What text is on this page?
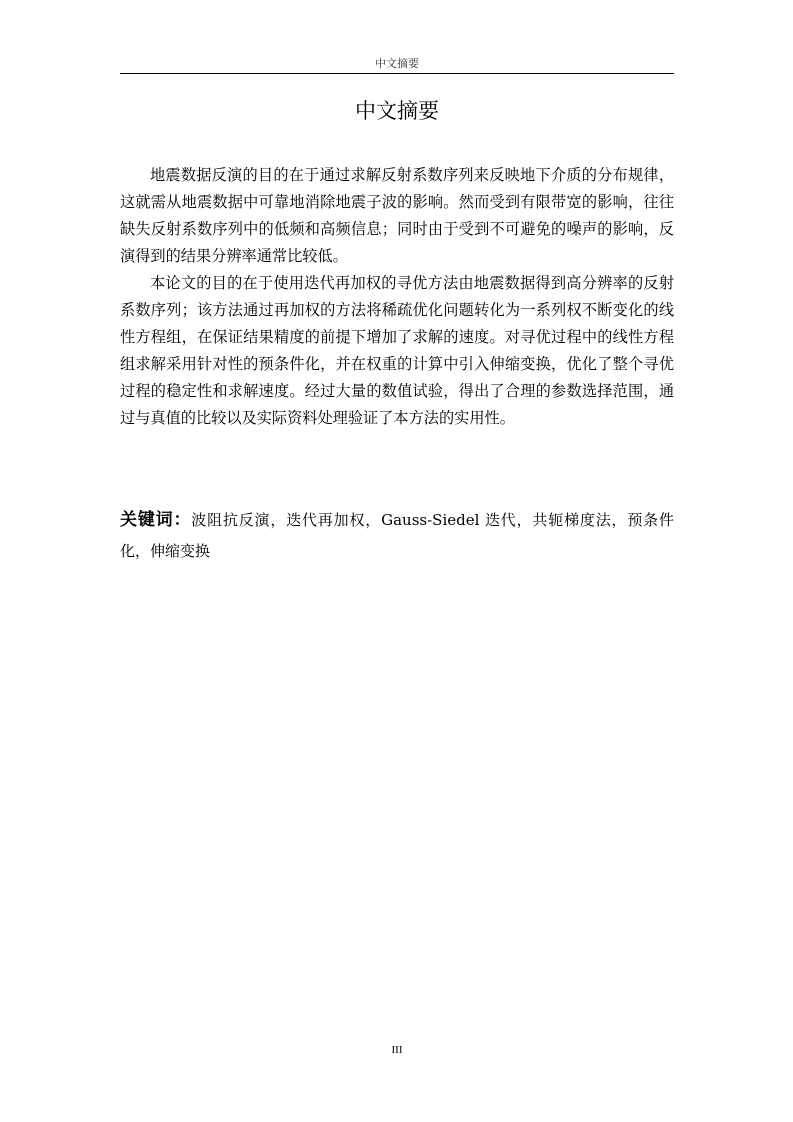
中文摘要
中文摘要

地震数据反演的目的在于通过求解反射系数序列来反映地下介质的分布规律，这就需从地震数据中可靠地消除地震子波的影响。然而受到有限带宽的影响，往往缺失反射系数序列中的低频和高频信息；同时由于受到不可避免的噪声的影响，反演得到的结果分辨率通常比较低。

本论文的目的在于使用迭代再加权的寻优方法由地震数据得到高分辨率的反射系数序列；该方法通过再加权的方法将稀疏优化问题转化为一系列权不断变化的线性方程组，在保证结果精度的前提下增加了求解的速度。对寻优过程中的线性方程组求解采用针对性的预条件化，并在权重的计算中引入伸缩变换，优化了整个寻优过程的稳定性和求解速度。经过大量的数值试验，得出了合理的参数选择范围，通过与真值的比较以及实际资料处理验证了本方法的实用性。

关键词：波阻抗反演，迭代再加权，Gauss-Siedel 迭代，共轭梯度法，预条件化，伸缩变换
III
